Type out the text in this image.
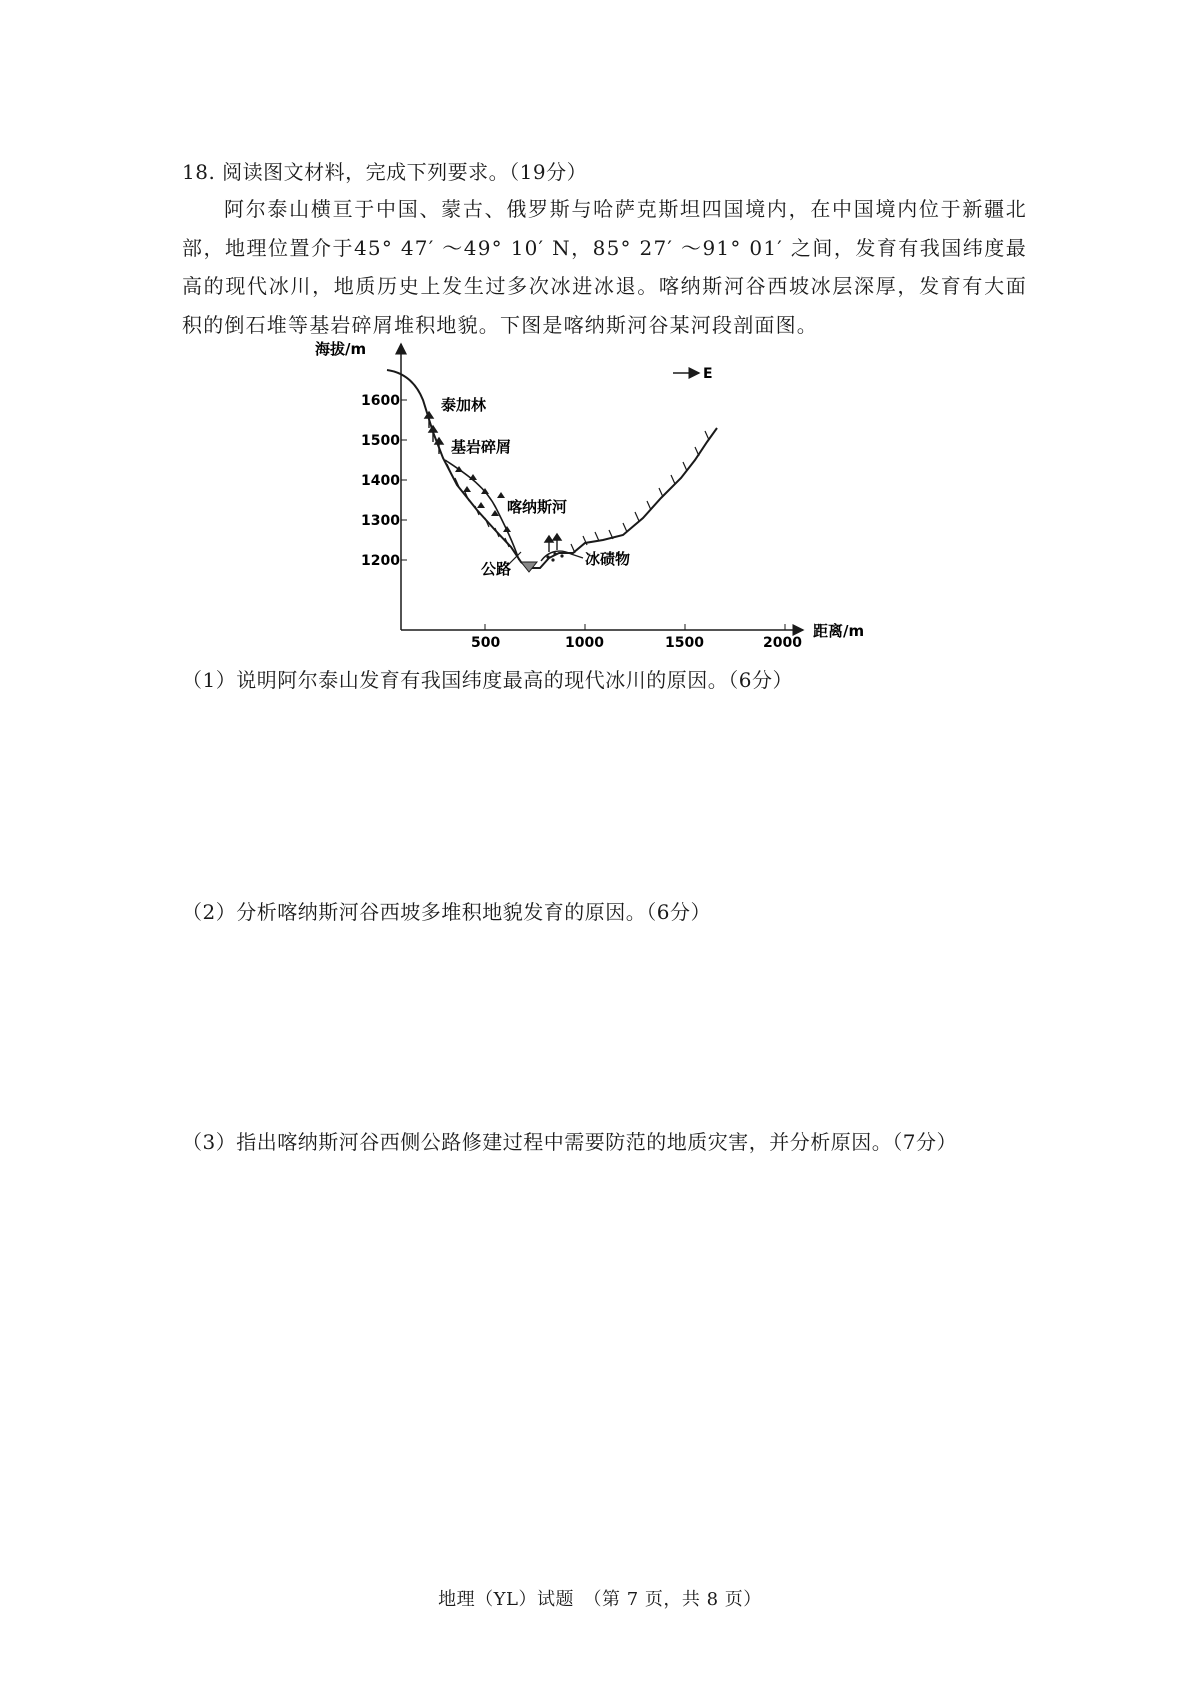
18. 阅读图文材料，完成下列要求。（19分）
阿尔泰山横亘于中国、蒙古、俄罗斯与哈萨克斯坦四国境内，在中国境内位于新疆北部，地理位置介于45° 47′ ～49° 10′ N，85° 27′ ～91° 01′ 之间，发育有我国纬度最高的现代冰川，地质历史上发生过多次冰进冰退。喀纳斯河谷西坡冰层深厚，发育有大面积的倒石堆等基岩碎屑堆积地貌。下图是喀纳斯河谷某河段剖面图。
海拔/m
距离/m
1600
1500
1400
1300
1200
500	1000	1500	2000
E
泰加林
基岩碎屑
喀纳斯河
公路
冰碛物
（1）说明阿尔泰山发育有我国纬度最高的现代冰川的原因。（6分）
（2）分析喀纳斯河谷西坡多堆积地貌发育的原因。（6分）
（3）指出喀纳斯河谷西侧公路修建过程中需要防范的地质灾害，并分析原因。（7分）
地理（YL）试题　（第 7 页，共 8 页）
